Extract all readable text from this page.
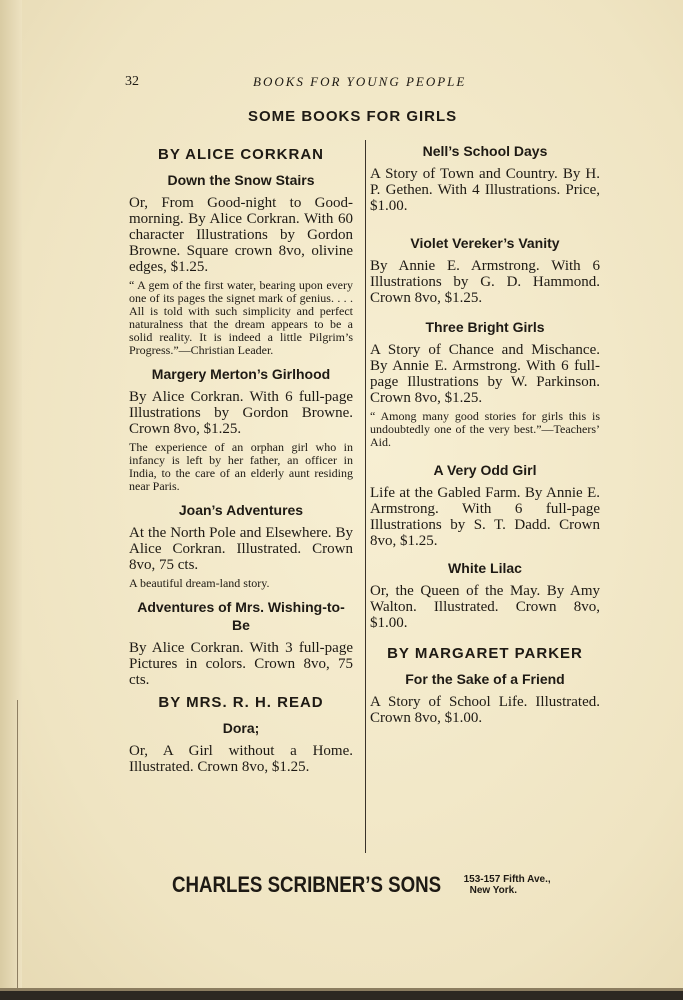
32	BOOKS FOR YOUNG PEOPLE
SOME BOOKS FOR GIRLS
BY ALICE CORKRAN
Down the Snow Stairs

Or, From Good-night to Good-morning. By Alice Corkran. With 60 character Illustrations by Gordon Browne. Square crown 8vo, olivine edges, $1.25.

“ A gem of the first water, bearing upon every one of its pages the signet mark of genius. . . . All is told with such simplicity and perfect naturalness that the dream appears to be a solid reality. It is indeed a little Pilgrim’s Progress.”—Christian Leader.

Margery Merton’s Girlhood

By Alice Corkran. With 6 full-page Illustrations by Gordon Browne. Crown 8vo, $1.25.

The experience of an orphan girl who in infancy is left by her father, an officer in India, to the care of an elderly aunt residing near Paris.

Joan’s Adventures

At the North Pole and Elsewhere. By Alice Corkran. Illustrated. Crown 8vo, 75 cts.

A beautiful dream-land story.

Adventures of Mrs. Wishing-to-Be

By Alice Corkran. With 3 full-page Pictures in colors. Crown 8vo, 75 cts.

BY MRS. R. H. READ
Dora;

Or, A Girl without a Home. Illustrated. Crown 8vo, $1.25.

Nell’s School Days

A Story of Town and Country. By H. P. Gethen. With 4 Illustrations. Price, $1.00.

Violet Vereker’s Vanity

By Annie E. Armstrong. With 6 Illustrations by G. D. Hammond. Crown 8vo, $1.25.

Three Bright Girls

A Story of Chance and Mischance. By Annie E. Armstrong. With 6 full-page Illustrations by W. Parkinson. Crown 8vo, $1.25.

“ Among many good stories for girls this is undoubtedly one of the very best.”—Teachers’ Aid.

A Very Odd Girl

Life at the Gabled Farm. By Annie E. Armstrong. With 6 full-page Illustrations by S. T. Dadd. Crown 8vo, $1.25.

White Lilac

Or, the Queen of the May. By Amy Walton. Illustrated. Crown 8vo, $1.00.

BY MARGARET PARKER
For the Sake of a Friend

A Story of School Life. Illustrated. Crown 8vo, $1.00.

CHARLES SCRIBNER’S SONS 153-157 Fifth Ave.,
New York.
